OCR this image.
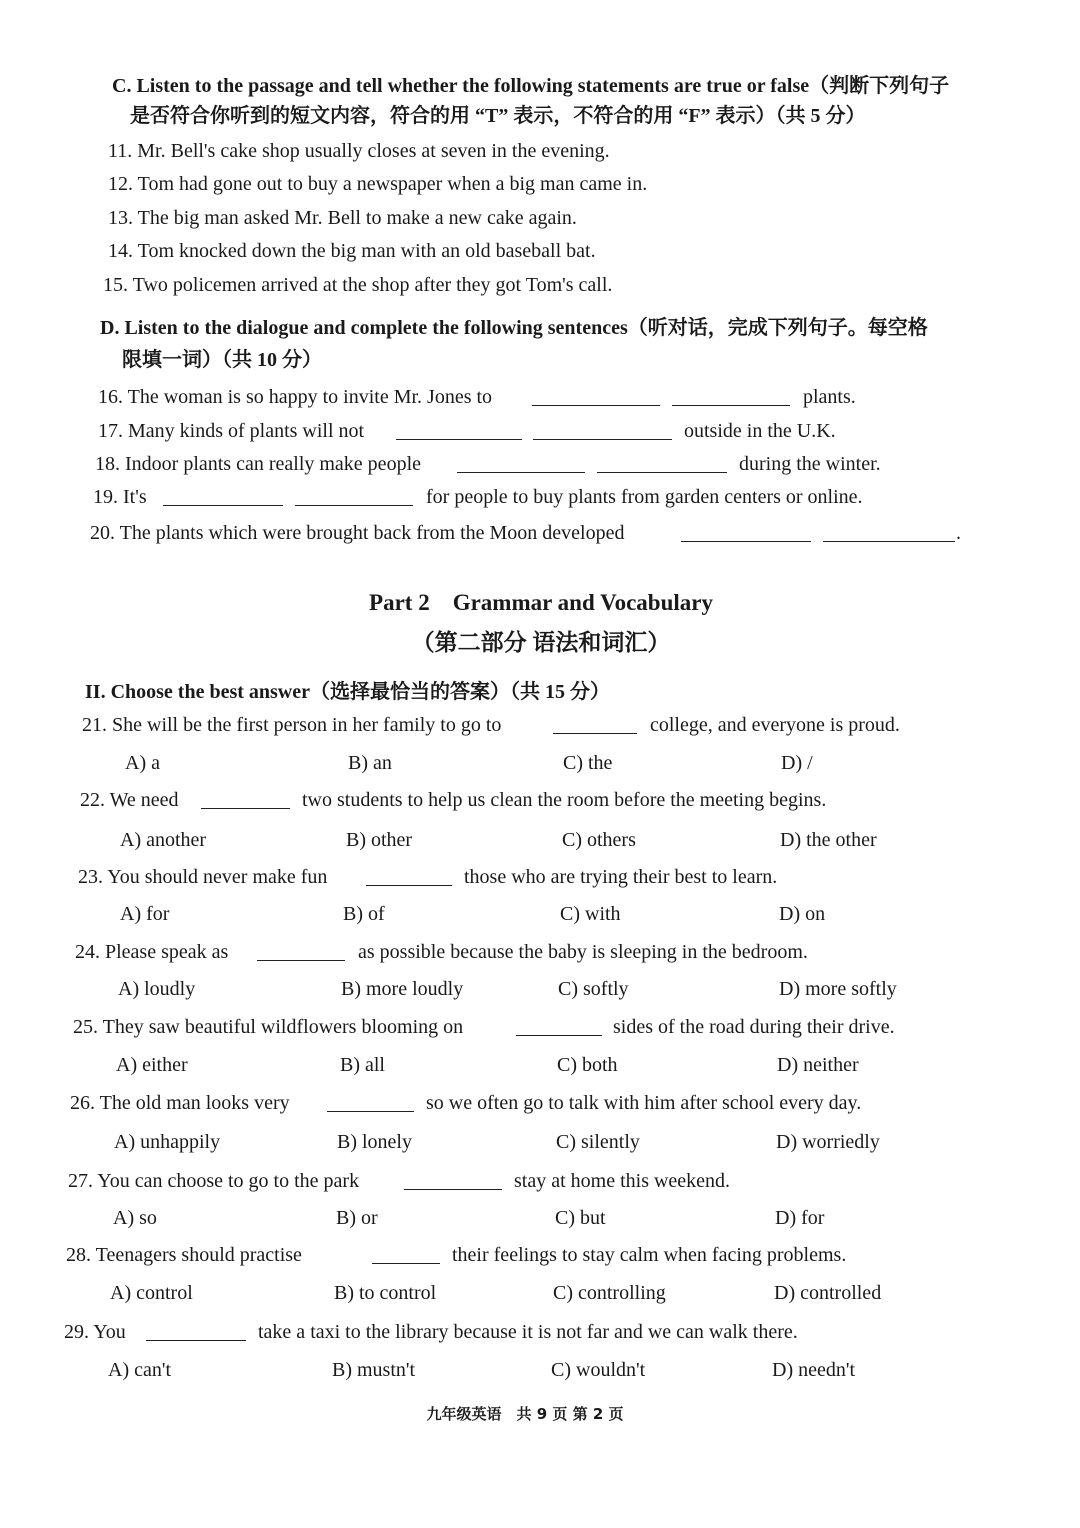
C. Listen to the passage and tell whether the following statements are true or false（判断下列句子
是否符合你听到的短文内容，符合的用 “T” 表示，不符合的用 “F” 表示）（共 5 分）
11. Mr. Bell's cake shop usually closes at seven in the evening.
12. Tom had gone out to buy a newspaper when a big man came in.
13. The big man asked Mr. Bell to make a new cake again.
14. Tom knocked down the big man with an old baseball bat.
15. Two policemen arrived at the shop after they got Tom's call.
D. Listen to the dialogue and complete the following sentences（听对话，完成下列句子。每空格
限填一词）（共 10 分）
16. The woman is so happy to invite Mr. Jones to	plants.
17. Many kinds of plants will not	outside in the U.K.
18. Indoor plants can really make people	during the winter.
19. It's	for people to buy plants from garden centers or online.
20. The plants which were brought back from the Moon developed	.
Part 2　Grammar and Vocabulary
（第二部分 语法和词汇）
II. Choose the best answer（选择最恰当的答案）（共 15 分）
21. She will be the first person in her family to go to	college, and everyone is proud.
A) a	B) an	C) the	D) /
22. We need	two students to help us clean the room before the meeting begins.
A) another	B) other	C) others	D) the other
23. You should never make fun	those who are trying their best to learn.
A) for	B) of	C) with	D) on
24. Please speak as	as possible because the baby is sleeping in the bedroom.
A) loudly	B) more loudly	C) softly	D) more softly
25. They saw beautiful wildflowers blooming on	sides of the road during their drive.
A) either	B) all	C) both	D) neither
26. The old man looks very	so we often go to talk with him after school every day.
A) unhappily	B) lonely	C) silently	D) worriedly
27. You can choose to go to the park	stay at home this weekend.
A) so	B) or	C) but	D) for
28. Teenagers should practise	their feelings to stay calm when facing problems.
A) control	B) to control	C) controlling	D) controlled
29. You	take a taxi to the library because it is not far and we can walk there.
A) can't	B) mustn't	C) wouldn't	D) needn't
九年级英语　共 9 页 第 2 页
